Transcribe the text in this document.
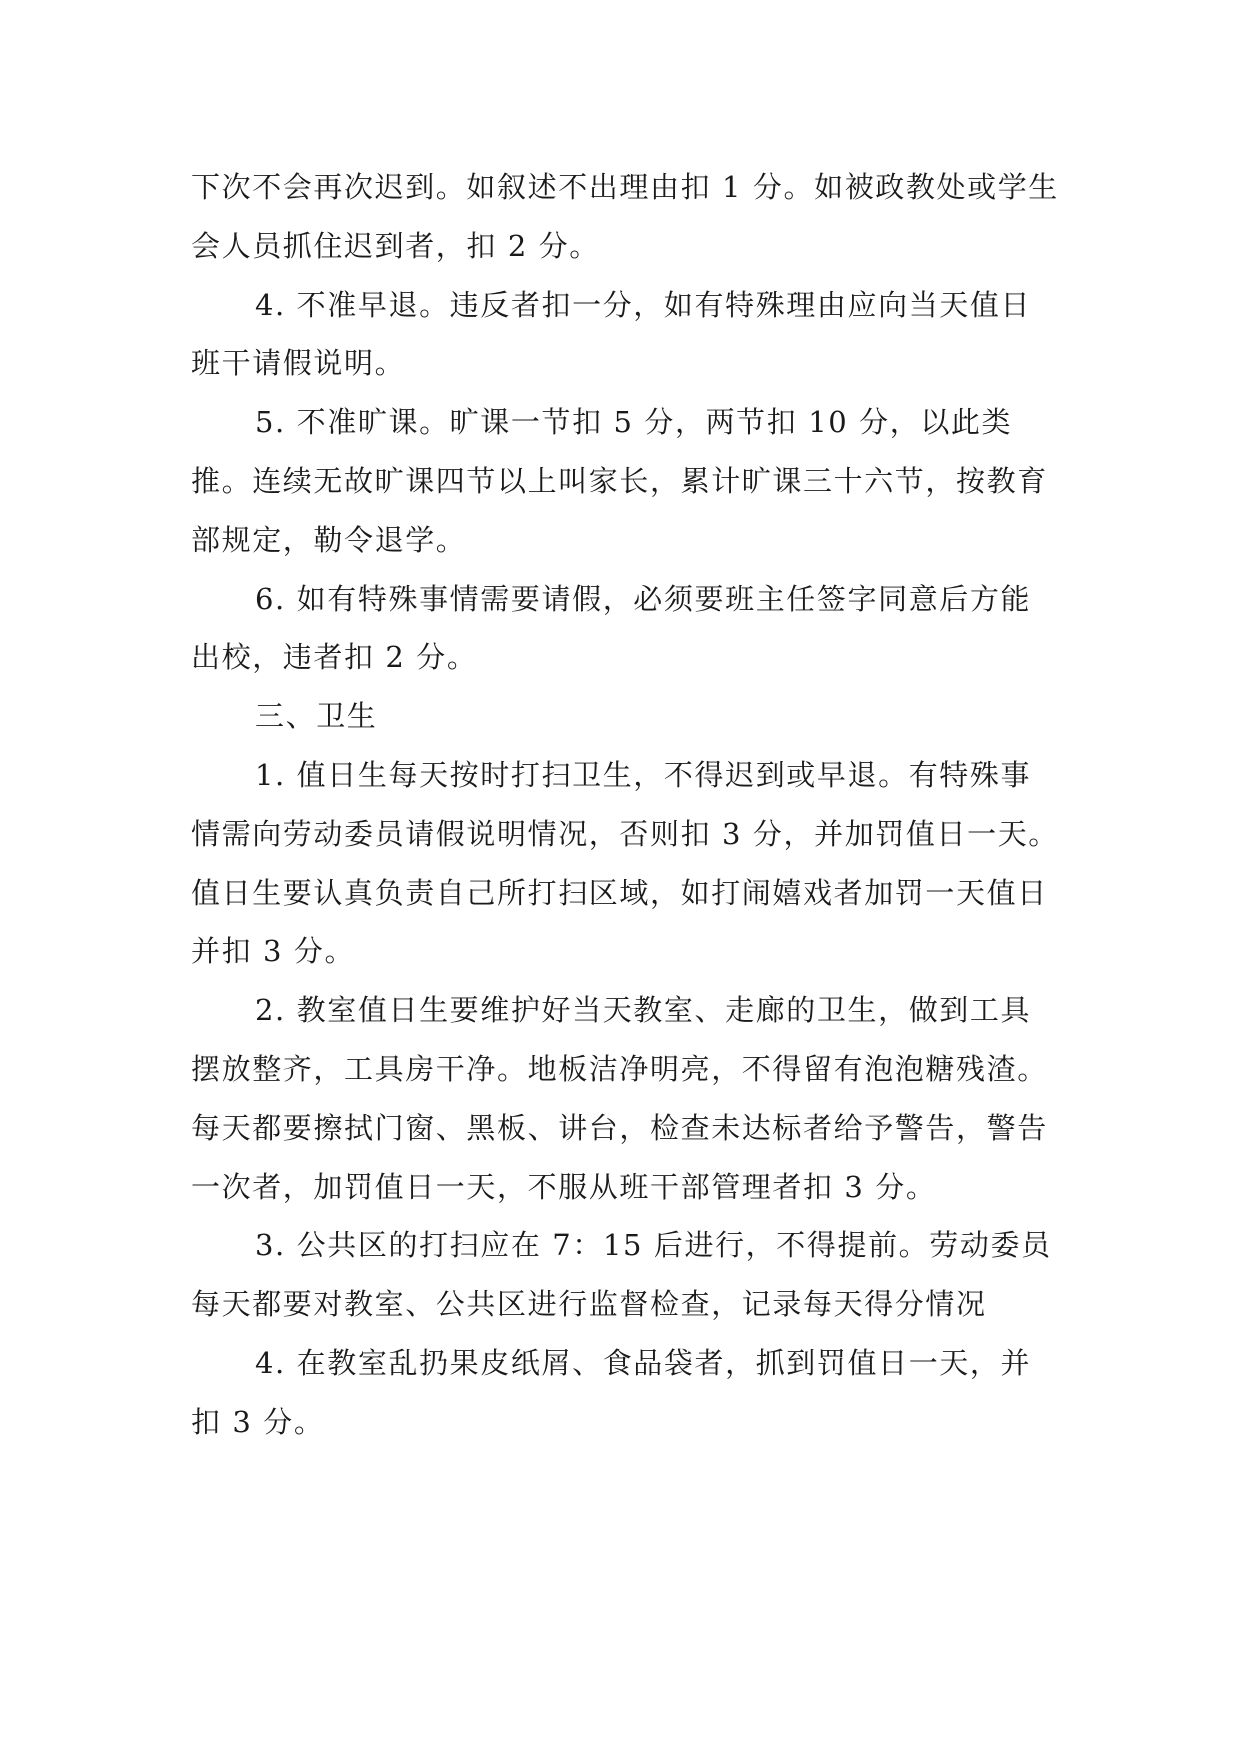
下次不会再次迟到。如叙述不出理由扣 1 分。如被政教处或学生会人员抓住迟到者，扣 2 分。

4. 不准早退。违反者扣一分，如有特殊理由应向当天值日班干请假说明。

5. 不准旷课。旷课一节扣 5 分，两节扣 10 分，以此类推。连续无故旷课四节以上叫家长，累计旷课三十六节，按教育部规定，勒令退学。

6. 如有特殊事情需要请假，必须要班主任签字同意后方能出校，违者扣 2 分。

三、卫生

1. 值日生每天按时打扫卫生，不得迟到或早退。有特殊事情需向劳动委员请假说明情况，否则扣 3 分，并加罚值日一天。值日生要认真负责自己所打扫区域，如打闹嬉戏者加罚一天值日并扣 3 分。

2. 教室值日生要维护好当天教室、走廊的卫生，做到工具摆放整齐，工具房干净。地板洁净明亮，不得留有泡泡糖残渣。每天都要擦拭门窗、黑板、讲台，检查未达标者给予警告，警告一次者，加罚值日一天，不服从班干部管理者扣 3 分。

3. 公共区的打扫应在 7：15 后进行，不得提前。劳动委员每天都要对教室、公共区进行监督检查，记录每天得分情况

4. 在教室乱扔果皮纸屑、食品袋者，抓到罚值日一天，并扣 3 分。
